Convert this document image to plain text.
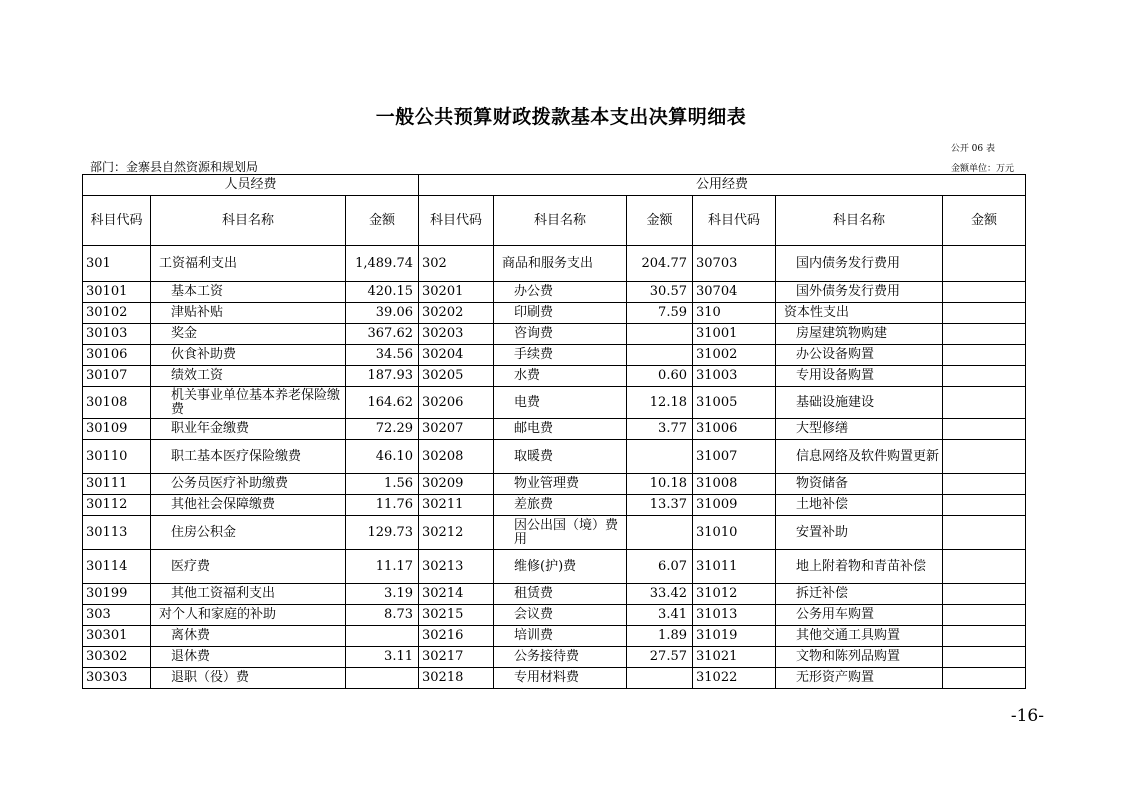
一般公共预算财政拨款基本支出决算明细表
公开 06 表
部门：金寨县自然资源和规划局	金额单位：万元
人员经费			公用经费					
科目代码	科目名称	金额	科目代码	科目名称	金额	科目代码	科目名称	金额
301	工资福利支出	1,489.74	302	商品和服务支出	204.77	30703	国内债务发行费用	
30101	基本工资	420.15	30201	办公费	30.57	30704	国外债务发行费用	
30102	津贴补贴	39.06	30202	印刷费	7.59	310	资本性支出	
30103	奖金	367.62	30203	咨询费		31001	房屋建筑物购建	
30106	伙食补助费	34.56	30204	手续费		31002	办公设备购置	
30107	绩效工资	187.93	30205	水费	0.60	31003	专用设备购置	
30108	机关事业单位基本养老保险缴费	164.62	30206	电费	12.18	31005	基础设施建设	
30109	职业年金缴费	72.29	30207	邮电费	3.77	31006	大型修缮	
30110	职工基本医疗保险缴费	46.10	30208	取暖费		31007	信息网络及软件购置更新	
30111	公务员医疗补助缴费	1.56	30209	物业管理费	10.18	31008	物资储备	
30112	其他社会保障缴费	11.76	30211	差旅费	13.37	31009	土地补偿	
30113	住房公积金	129.73	30212	因公出国（境）费用		31010	安置补助	
30114	医疗费	11.17	30213	维修(护)费	6.07	31011	地上附着物和青苗补偿	
30199	其他工资福利支出	3.19	30214	租赁费	33.42	31012	拆迁补偿	
303	对个人和家庭的补助	8.73	30215	会议费	3.41	31013	公务用车购置	
30301	离休费		30216	培训费	1.89	31019	其他交通工具购置	
30302	退休费	3.11	30217	公务接待费	27.57	31021	文物和陈列品购置	
30303	退职（役）费		30218	专用材料费		31022	无形资产购置	
-16-
